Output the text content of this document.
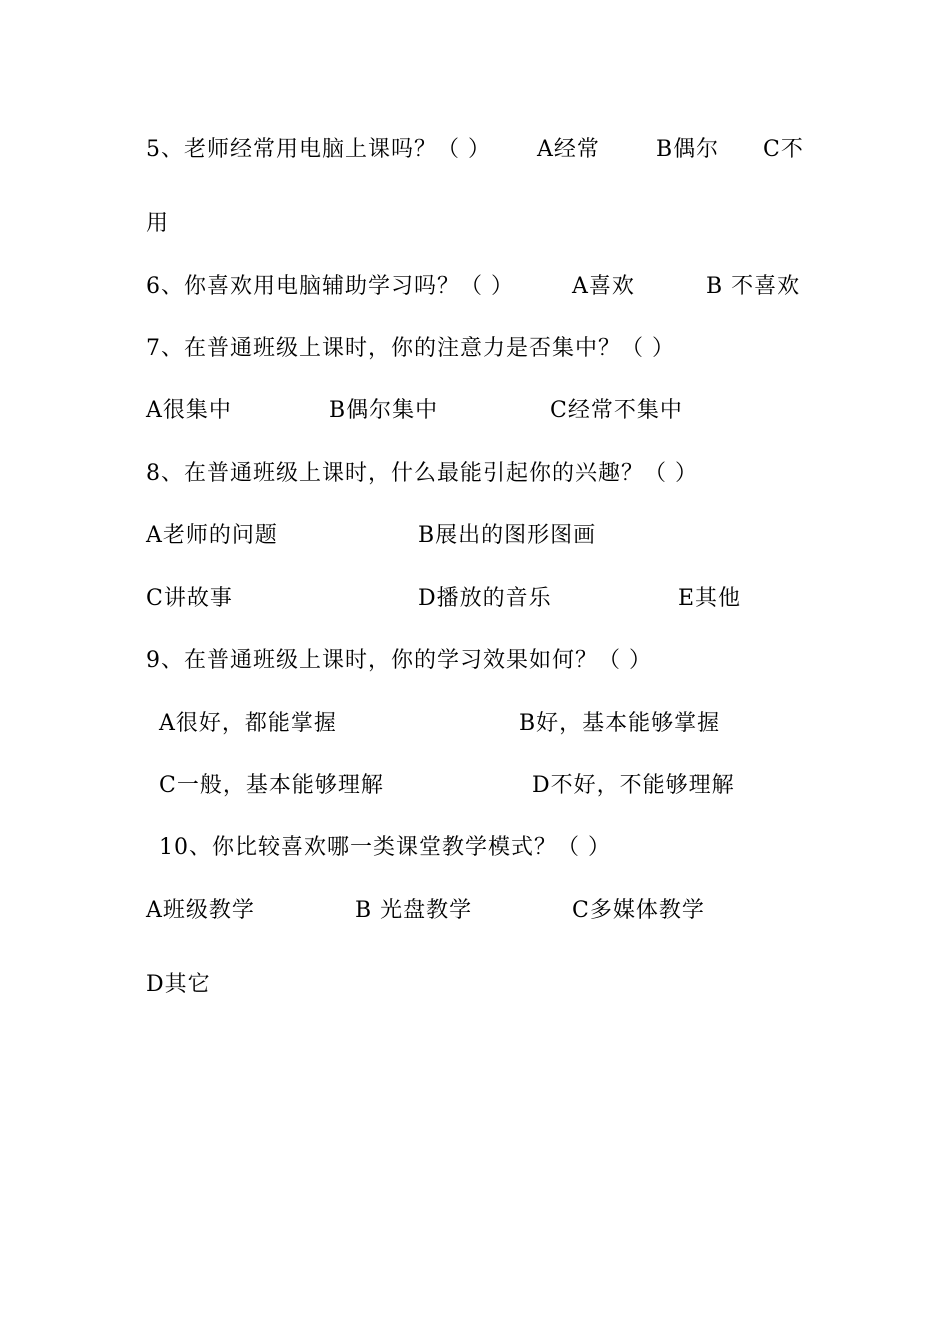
5、老师经常用电脑上课吗？（ ） A经常	B偶尔 C不
用
6、你喜欢用电脑辅助学习吗？（ ）	A喜欢	B 不喜欢
7、在普通班级上课时，你的注意力是否集中？（ ）
A很集中	B偶尔集中	C经常不集中
8、在普通班级上课时，什么最能引起你的兴趣？（ ）
A老师的问题	B展出的图形图画
C讲故事	D播放的音乐	E其他
9、在普通班级上课时，你的学习效果如何？（ ）
A很好，都能掌握	B好，基本能够掌握
C一般，基本能够理解	D不好，不能够理解
10、你比较喜欢哪一类课堂教学模式？（ ）
A班级教学	B 光盘教学	C多媒体教学
D其它
